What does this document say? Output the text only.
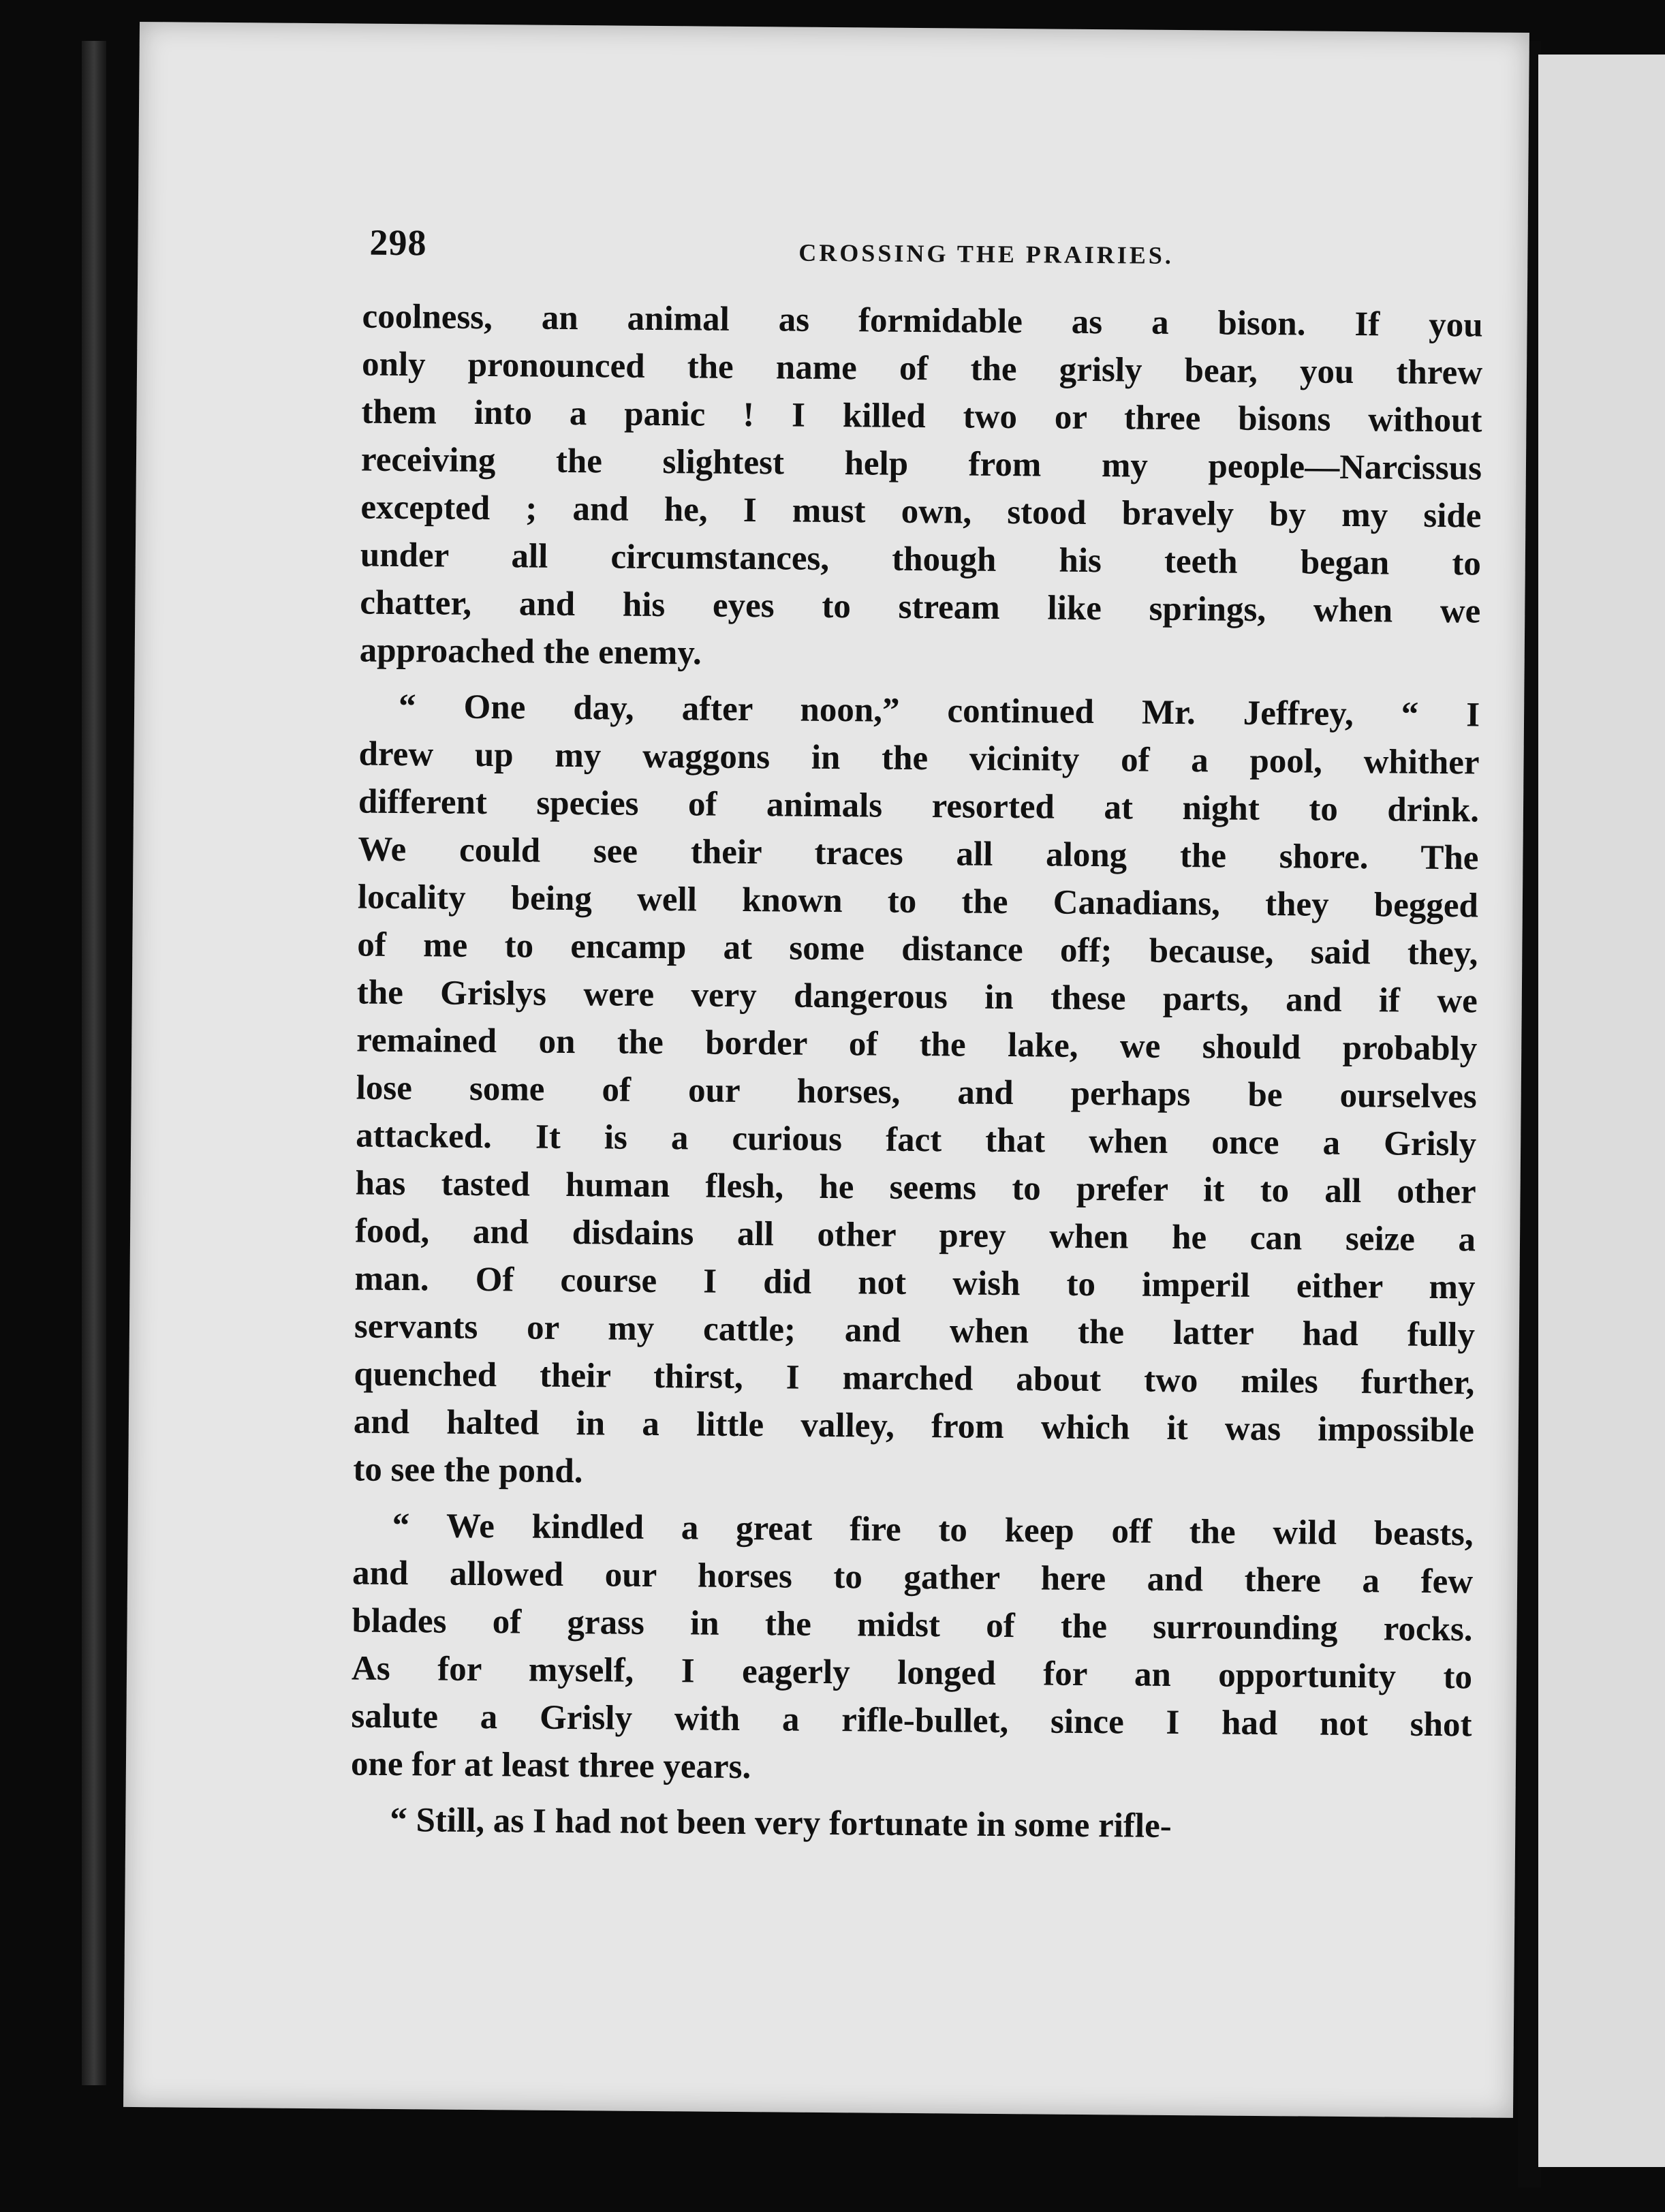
298	CROSSING THE PRAIRIES.
coolness, an animal as formidable as a bison. If you
only pronounced the name of the grisly bear, you threw
them into a panic ! I killed two or three bisons without
receiving the slightest help from my people—Narcissus
excepted ; and he, I must own, stood bravely by my side
under all circumstances, though his teeth began to
chatter, and his eyes to stream like springs, when we
approached the enemy.
“ One day, after noon,” continued Mr. Jeffrey, “ I
drew up my waggons in the vicinity of a pool, whither
different species of animals resorted at night to drink.
We could see their traces all along the shore. The
locality being well known to the Canadians, they begged
of me to encamp at some distance off; because, said they,
the Grislys were very dangerous in these parts, and if we
remained on the border of the lake, we should probably
lose some of our horses, and perhaps be ourselves
attacked. It is a curious fact that when once a Grisly
has tasted human flesh, he seems to prefer it to all other
food, and disdains all other prey when he can seize a
man. Of course I did not wish to imperil either my
servants or my cattle; and when the latter had fully
quenched their thirst, I marched about two miles further,
and halted in a little valley, from which it was impossible
to see the pond.
“ We kindled a great fire to keep off the wild beasts,
and allowed our horses to gather here and there a few
blades of grass in the midst of the surrounding rocks.
As for myself, I eagerly longed for an opportunity to
salute a Grisly with a rifle-bullet, since I had not shot
one for at least three years.
“ Still, as I had not been very fortunate in some rifle-
